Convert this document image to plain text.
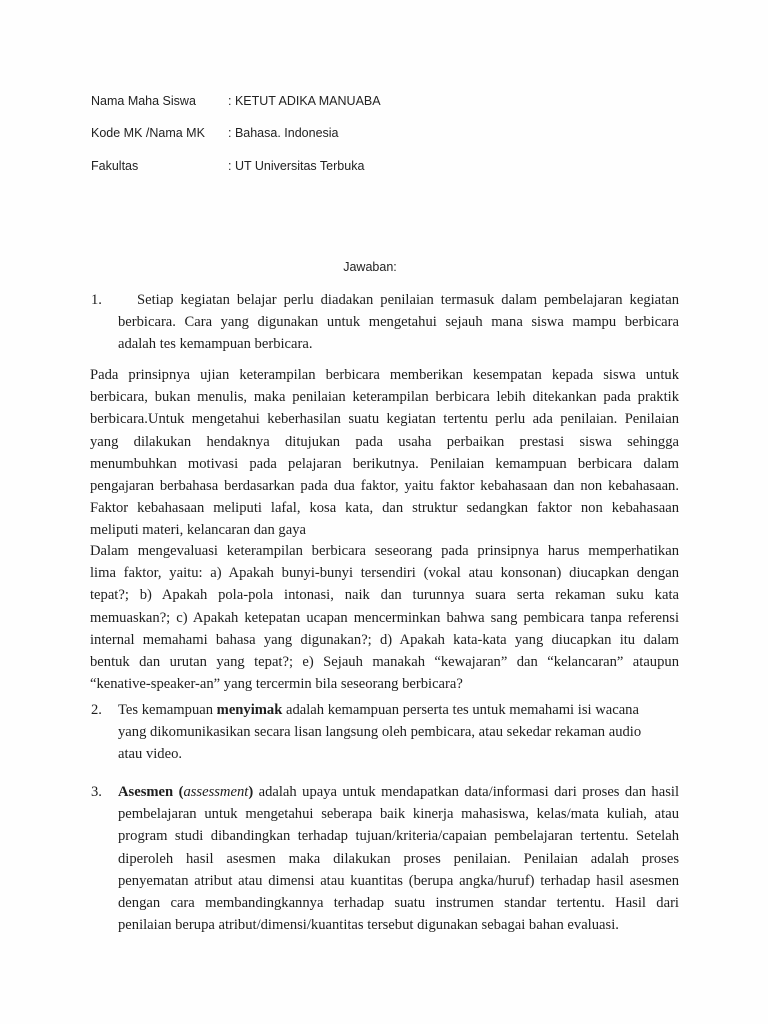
Nama Maha Siswa	: KETUT ADIKA MANUABA
Kode MK /Nama MK : Bahasa. Indonesia
Fakultas	: UT Universitas Terbuka
Jawaban:
1.	Setiap kegiatan belajar perlu diadakan penilaian termasuk dalam pembelajaran kegiatan
berbicara. Cara yang digunakan untuk mengetahui sejauh mana siswa mampu berbicara
adalah tes kemampuan berbicara.
Pada prinsipnya ujian keterampilan berbicara memberikan kesempatan kepada siswa untuk
berbicara, bukan menulis, maka penilaian keterampilan berbicara lebih ditekankan pada praktik
berbicara.Untuk mengetahui keberhasilan suatu kegiatan tertentu perlu ada penilaian. Penilaian
yang dilakukan hendaknya ditujukan pada usaha perbaikan prestasi siswa sehingga
menumbuhkan motivasi pada pelajaran berikutnya. Penilaian kemampuan berbicara dalam
pengajaran berbahasa berdasarkan pada dua faktor, yaitu faktor kebahasaan dan non kebahasaan.
Faktor kebahasaan meliputi lafal, kosa kata, dan struktur sedangkan faktor non kebahasaan
meliputi materi, kelancaran dan gaya
Dalam mengevaluasi keterampilan berbicara seseorang pada prinsipnya harus memperhatikan
lima faktor, yaitu: a) Apakah bunyi-bunyi tersendiri (vokal atau konsonan) diucapkan dengan
tepat?; b) Apakah pola-pola intonasi, naik dan turunnya suara serta rekaman suku kata
memuaskan?; c) Apakah ketepatan ucapan mencerminkan bahwa sang pembicara tanpa referensi
internal memahami bahasa yang digunakan?; d) Apakah kata-kata yang diucapkan itu dalam
bentuk dan urutan yang tepat?; e) Sejauh manakah “kewajaran” dan “kelancaran” ataupun
“kenative-speaker-an” yang tercermin bila seseorang berbicara?
2. Tes kemampuan menyimak adalah kemampuan perserta tes untuk memahami isi wacana
yang dikomunikasikan secara lisan langsung oleh pembicara, atau sekedar rekaman audio
atau video.
3. Asesmen (assessment) adalah upaya untuk mendapatkan data/informasi dari proses dan hasil
pembelajaran untuk mengetahui seberapa baik kinerja mahasiswa, kelas/mata kuliah, atau
program studi dibandingkan terhadap tujuan/kriteria/capaian pembelajaran tertentu. Setelah
diperoleh hasil asesmen maka dilakukan proses penilaian. Penilaian adalah proses
penyematan atribut atau dimensi atau kuantitas (berupa angka/huruf) terhadap hasil asesmen
dengan cara membandingkannya terhadap suatu instrumen standar tertentu. Hasil dari
penilaian berupa atribut/dimensi/kuantitas tersebut digunakan sebagai bahan evaluasi.
